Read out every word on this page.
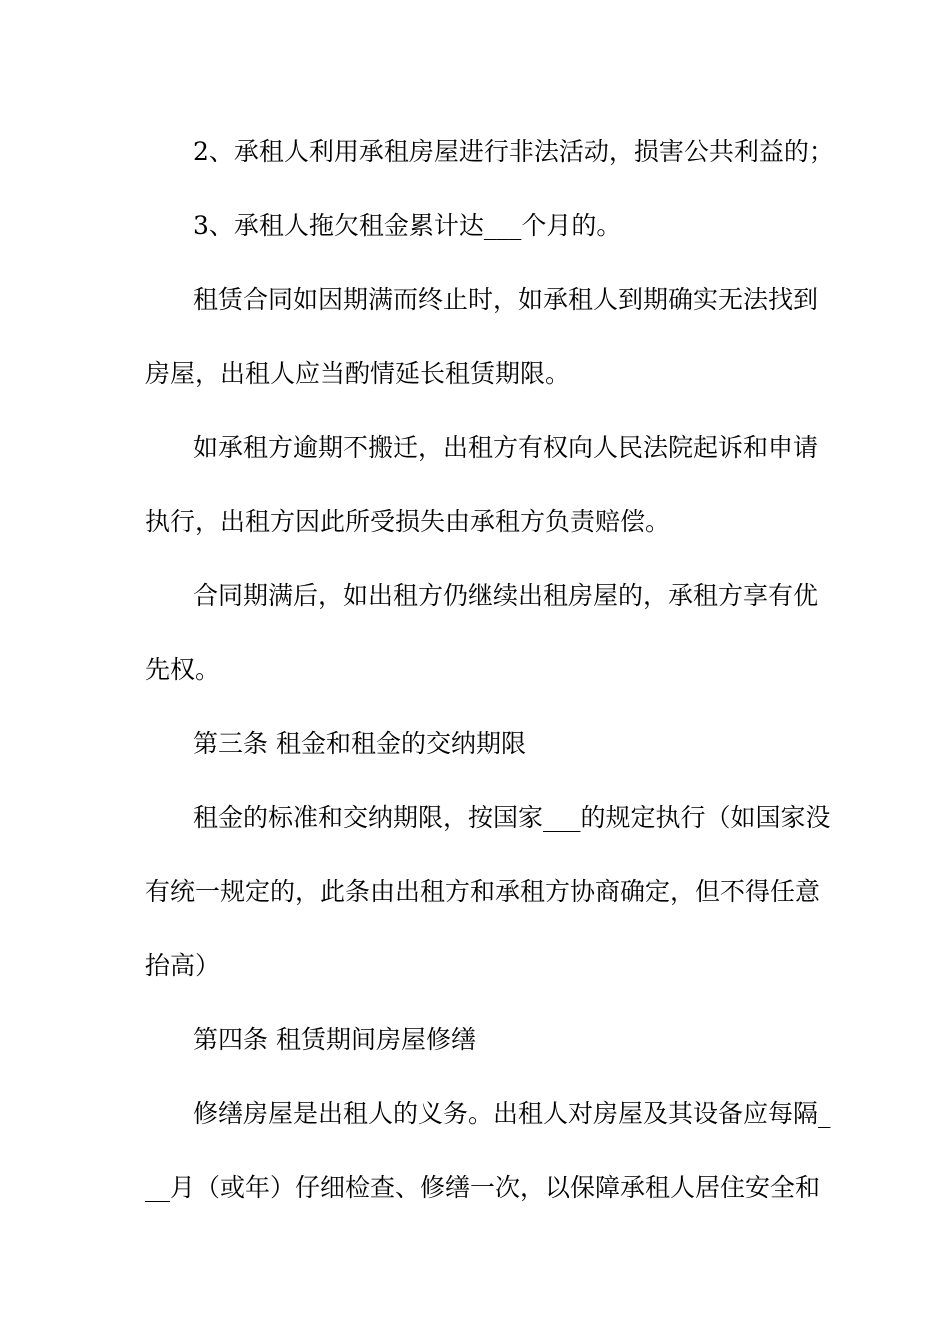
2、承租人利用承租房屋进行非法活动，损害公共利益的；
3、承租人拖欠租金累计达___个月的。
租赁合同如因期满而终止时，如承租人到期确实无法找到
房屋，出租人应当酌情延长租赁期限。
如承租方逾期不搬迁，出租方有权向人民法院起诉和申请
执行，出租方因此所受损失由承租方负责赔偿。
合同期满后，如出租方仍继续出租房屋的，承租方享有优
先权。
第三条 租金和租金的交纳期限
租金的标准和交纳期限，按国家___的规定执行（如国家没
有统一规定的，此条由出租方和承租方协商确定，但不得任意
抬高）
第四条 租赁期间房屋修缮
修缮房屋是出租人的义务。出租人对房屋及其设备应每隔_
__月（或年）仔细检查、修缮一次，以保障承租人居住安全和
